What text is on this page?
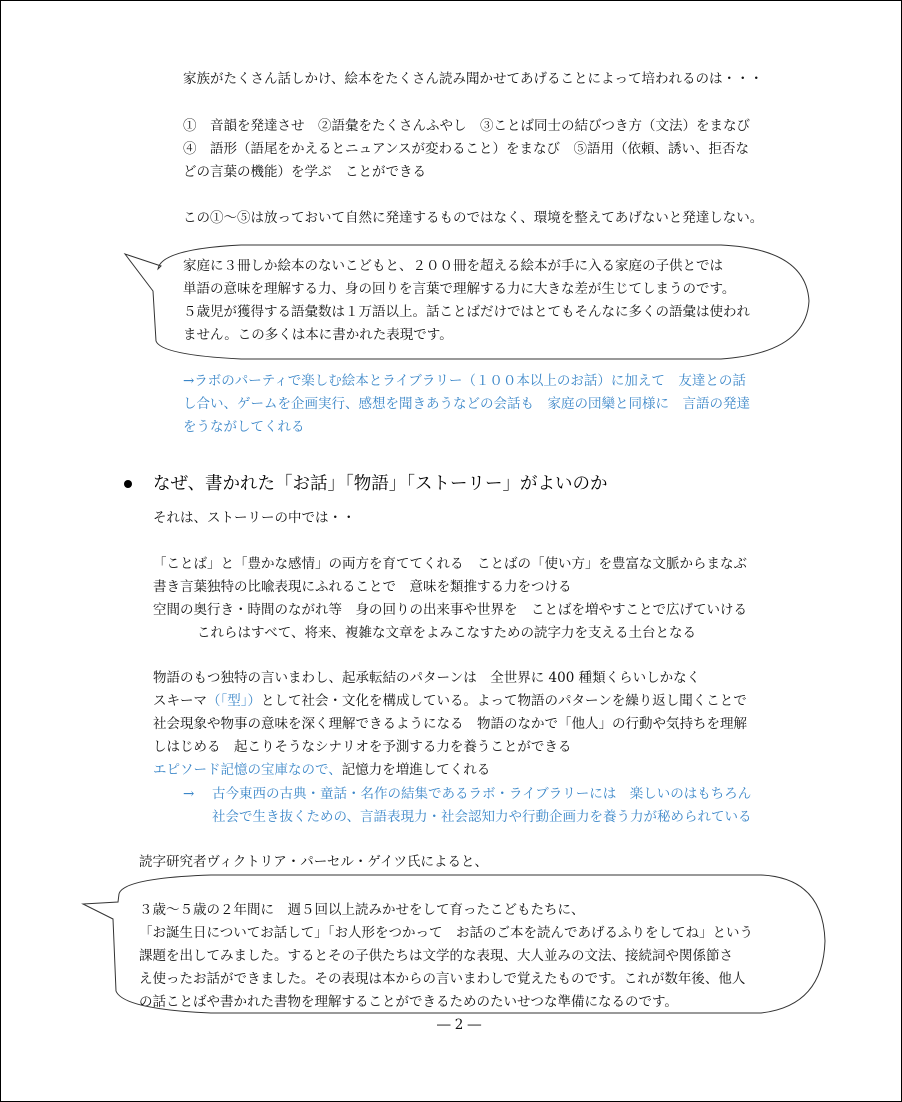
家族がたくさん話しかけ、絵本をたくさん読み聞かせてあげることによって培われるのは・・・
①　音韻を発達させ　②語彙をたくさんふやし　③ことば同士の結びつき方（文法）をまなび
④　語形（語尾をかえるとニュアンスが変わること）をまなび　⑤語用（依頼、誘い、拒否な
どの言葉の機能）を学ぶ　ことができる
この①～⑤は放っておいて自然に発達するものではなく、環境を整えてあげないと発達しない。
家庭に３冊しか絵本のないこどもと、２００冊を超える絵本が手に入る家庭の子供とでは
単語の意味を理解する力、身の回りを言葉で理解する力に大きな差が生じてしまうのです。
５歳児が獲得する語彙数は１万語以上。話ことばだけではとてもそんなに多くの語彙は使われ
ません。この多くは本に書かれた表現です。
→ラボのパーティで楽しむ絵本とライブラリー（１００本以上のお話）に加えて　友達との話
し合い、ゲームを企画実行、感想を聞きあうなどの会話も　家庭の団欒と同様に　言語の発達
をうながしてくれる
なぜ、書かれた「お話」「物語」「ストーリー」がよいのか
それは、ストーリーの中では・・
「ことば」と「豊かな感情」の両方を育ててくれる　ことばの「使い方」を豊富な文脈からまなぶ
書き言葉独特の比喩表現にふれることで　意味を類推する力をつける
空間の奥行き・時間のながれ等　身の回りの出来事や世界を　ことばを増やすことで広げていける
これらはすべて、将来、複雑な文章をよみこなすための読字力を支える土台となる
物語のもつ独特の言いまわし、起承転結のパターンは　全世界に 400 種類くらいしかなく
スキーマ（「型」）として社会・文化を構成している。よって物語のパターンを繰り返し聞くことで
社会現象や物事の意味を深く理解できるようになる　物語のなかで「他人」の行動や気持ちを理解
しはじめる　起こりそうなシナリオを予測する力を養うことができる
エピソード記憶の宝庫なので、記憶力を増進してくれる
→ 古今東西の古典・童話・名作の結集であるラボ・ライブラリーには　楽しいのはもちろん
社会で生き抜くための、言語表現力・社会認知力や行動企画力を養う力が秘められている
読字研究者ヴィクトリア・パーセル・ゲイツ氏によると、
３歳～５歳の２年間に　週５回以上読みかせをして育ったこどもたちに、
「お誕生日についてお話して」「お人形をつかって　お話のご本を読んであげるふりをしてね」という
課題を出してみました。するとその子供たちは文学的な表現、大人並みの文法、接続詞や関係節さ
え使ったお話ができました。その表現は本からの言いまわしで覚えたものです。これが数年後、他人
の話ことばや書かれた書物を理解することができるためのたいせつな準備になるのです。
― 2 ―
